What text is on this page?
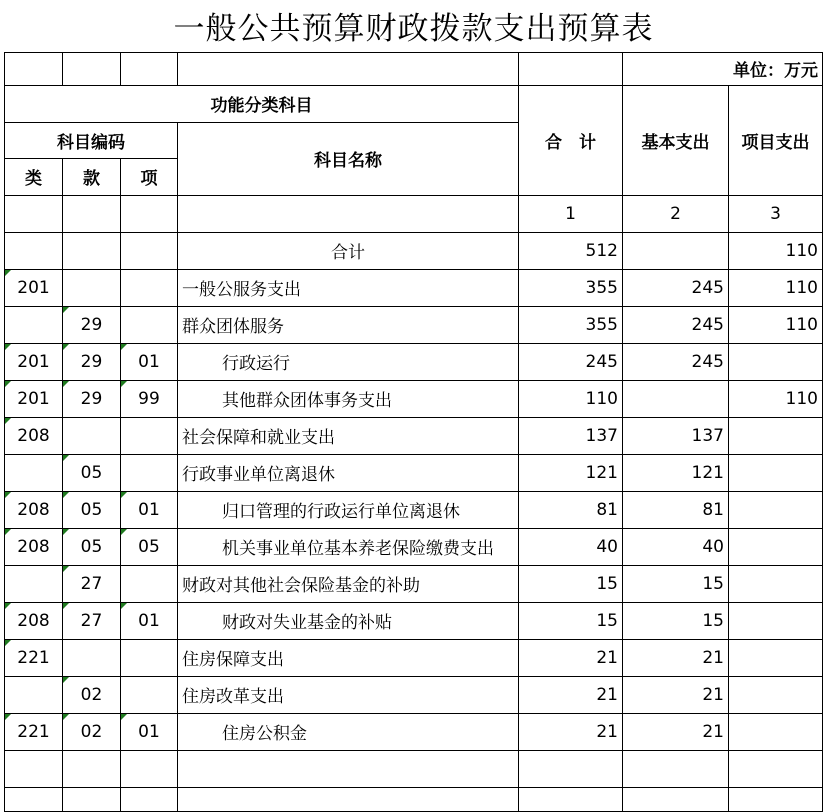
一般公共预算财政拨款支出预算表						
					单位：万元	
功能分类科目				合　计	基本支出	项目支出
科目编码			科目名称			
类	款	项				
				1	2	3
			合计	512		110
201			一般公服务支出	355	245	110
	29		群众团体服务	355	245	110
201	29	01	行政运行	245	245	
201	29	99	其他群众团体事务支出	110		110
208			社会保障和就业支出	137	137	
	05		行政事业单位离退休	121	121	
208	05	01	归口管理的行政运行单位离退休	81	81	
208	05	05	机关事业单位基本养老保险缴费支出	40	40	
	27		财政对其他社会保险基金的补助	15	15	
208	27	01	财政对失业基金的补贴	15	15	
221			住房保障支出	21	21	
	02		住房改革支出	21	21	
221	02	01	住房公积金	21	21	
